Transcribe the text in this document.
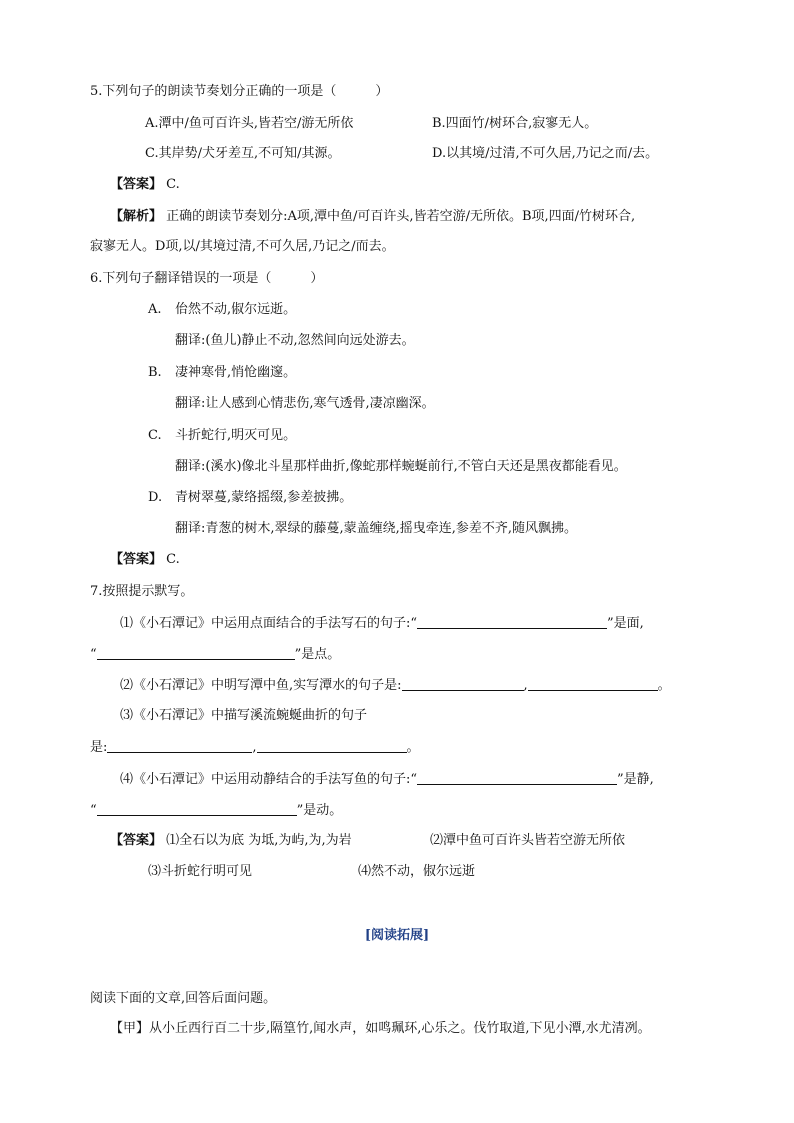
5.下列句子的朗读节奏划分正确的一项是（　　　）
A.潭中/鱼可百许头,皆若空/游无所依	B.四面竹/树环合,寂寥无人。
C.其岸势/犬牙差互,不可知/其源。	D.以其境/过清,不可久居,乃记之而/去。
【答案】 C.
【解析】 正确的朗读节奏划分:A项,潭中鱼/可百许头,皆若空游/无所依。B项,四面/竹树环合,
寂寥无人。D项,以/其境过清,不可久居,乃记之/而去。
6.下列句子翻译错误的一项是（　　　）
A. 佁然不动,俶尔远逝。
翻译:(鱼儿)静止不动,忽然间向远处游去。
B. 凄神寒骨,悄怆幽邃。
翻译:让人感到心情悲伤,寒气透骨,凄凉幽深。
C. 斗折蛇行,明灭可见。
翻译:(溪水)像北斗星那样曲折,像蛇那样蜿蜒前行,不管白天还是黑夜都能看见。
D. 青树翠蔓,蒙络摇缀,参差披拂。
翻译:青葱的树木,翠绿的藤蔓,蒙盖缠绕,摇曳牵连,参差不齐,随风飘拂。
【答案】 C.
7.按照提示默写。
⑴《小石潭记》中运用点面结合的手法写石的句子:“	”是面,
“	”是点。
⑵《小石潭记》中明写潭中鱼,实写潭水的句子是:	,	。
⑶《小石潭记》中描写溪流蜿蜒曲折的句子
是:	,	。
⑷《小石潭记》中运用动静结合的手法写鱼的句子:“	”是静,
“	”是动。
【答案】 ⑴全石以为底 为坻,为屿,为,为岩	⑵潭中鱼可百许头皆若空游无所依
⑶斗折蛇行明可见	⑷然不动，俶尔远逝
[阅读拓展]
阅读下面的文章,回答后面问题。
【甲】从小丘西行百二十步,隔篁竹,闻水声，如鸣珮环,心乐之。伐竹取道,下见小潭,水尤清冽。
